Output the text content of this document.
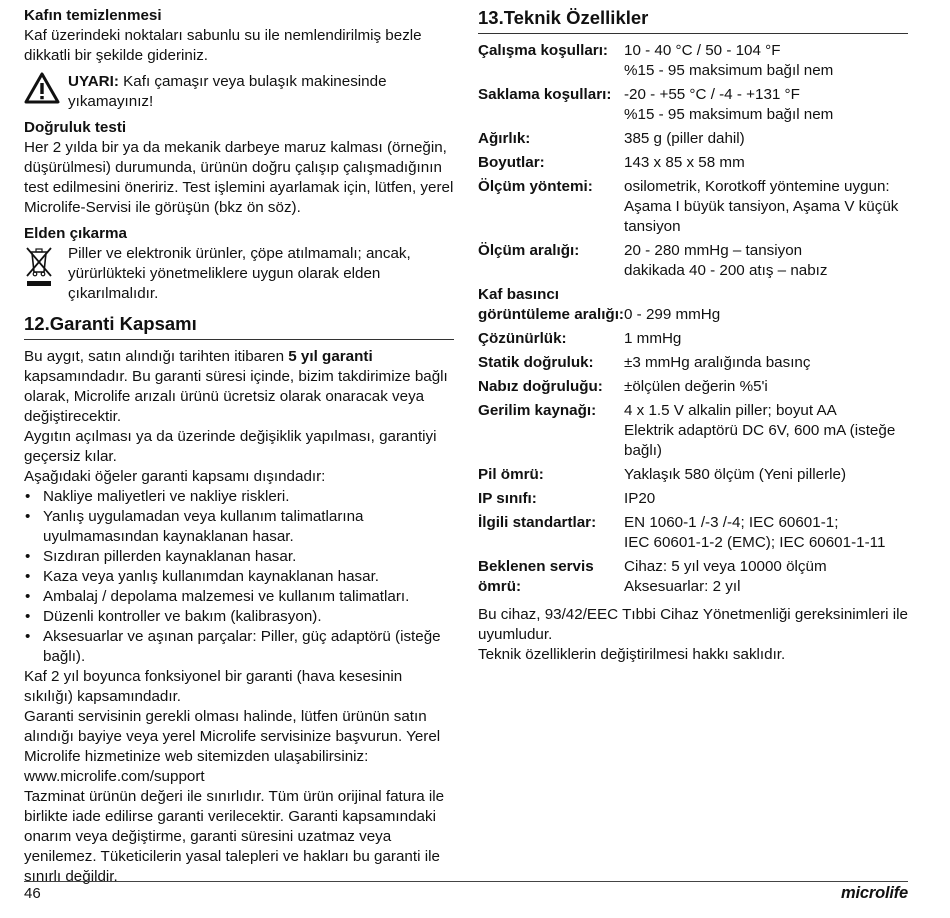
Kafın temizlenmesi

Kaf üzerindeki noktaları sabunlu su ile nemlendirilmiş bezle dikkatli bir şekilde gideriniz.

UYARI: Kafı çamaşır veya bulaşık makinesinde yıkamayınız!

Doğruluk testi

Her 2 yılda bir ya da mekanik darbeye maruz kalması (örneğin, düşürülmesi) durumunda, ürünün doğru çalışıp çalışmadığının test edilmesini öneririz. Test işlemini ayarlamak için, lütfen, yerel Microlife-Servisi ile görüşün (bkz ön söz).

Elden çıkarma

Piller ve elektronik ürünler, çöpe atılmamalı; ancak, yürürlükteki yönetmeliklere uygun olarak elden çıkarılmalıdır.

12.Garanti Kapsamı

Bu aygıt, satın alındığı tarihten itibaren 5 yıl garanti kapsamındadır. Bu garanti süresi içinde, bizim takdirimize bağlı olarak, Microlife arızalı ürünü ücretsiz olarak onaracak veya değiştirecektir.

Aygıtın açılması ya da üzerinde değişiklik yapılması, garantiyi geçersiz kılar.

Aşağıdaki öğeler garanti kapsamı dışındadır:

• Nakliye maliyetleri ve nakliye riskleri.
• Yanlış uygulamadan veya kullanım talimatlarına uyulmamasından kaynaklanan hasar.
• Sızdıran pillerden kaynaklanan hasar.
• Kaza veya yanlış kullanımdan kaynaklanan hasar.
• Ambalaj / depolama malzemesi ve kullanım talimatları.
• Düzenli kontroller ve bakım (kalibrasyon).
• Aksesuarlar ve aşınan parçalar: Piller, güç adaptörü (isteğe bağlı).

Kaf 2 yıl boyunca fonksiyonel bir garanti (hava kesesinin sıkılığı) kapsamındadır.

Garanti servisinin gerekli olması halinde, lütfen ürünün satın alındığı bayiye veya yerel Microlife servisinize başvurun. Yerel Microlife hizmetinize web sitemizden ulaşabilirsiniz:

www.microlife.com/support

Tazminat ürünün değeri ile sınırlıdır. Tüm ürün orijinal fatura ile birlikte iade edilirse garanti verilecektir. Garanti kapsamındaki onarım veya değiştirme, garanti süresini uzatmaz veya yenilemez. Tüketicilerin yasal talepleri ve hakları bu garanti ile sınırlı değildir.

13.Teknik Özellikler
Çalışma koşulları:	10 - 40 °C / 50 - 104 °F
%15 - 95 maksimum bağıl nem
Saklama koşulları:	-20 - +55 °C / -4 - +131 °F
%15 - 95 maksimum bağıl nem
Ağırlık:	385 g (piller dahil)
Boyutlar:	143 x 85 x 58 mm
Ölçüm yöntemi:	osilometrik, Korotkoff yöntemine uygun: Aşama I büyük tansiyon, Aşama V küçük tansiyon
Ölçüm aralığı:	20 - 280 mmHg – tansiyon
dakikada 40 - 200 atış – nabız
Kaf basıncı görüntüleme aralığı:	
0 - 299 mmHg
Çözünürlük:	1 mmHg
Statik doğruluk:	±3 mmHg aralığında basınç
Nabız doğruluğu:	±ölçülen değerin %5'i
Gerilim kaynağı:	4 x 1.5 V alkalin piller; boyut AA
Elektrik adaptörü DC 6V, 600 mA (isteğe bağlı)
Pil ömrü:	Yaklaşık 580 ölçüm (Yeni pillerle)
IP sınıfı:	IP20
İlgili standartlar:	EN 1060-1 /-3 /-4; IEC 60601-1;
IEC 60601-1-2 (EMC); IEC 60601-1-11
Beklenen servis ömrü:	Cihaz: 5 yıl veya 10000 ölçüm
Aksesuarlar: 2 yıl

Bu cihaz, 93/42/EEC Tıbbi Cihaz Yönetmenliği gereksinimleri ile uyumludur.

Teknik özelliklerin değiştirilmesi hakkı saklıdır.

46	microlife
